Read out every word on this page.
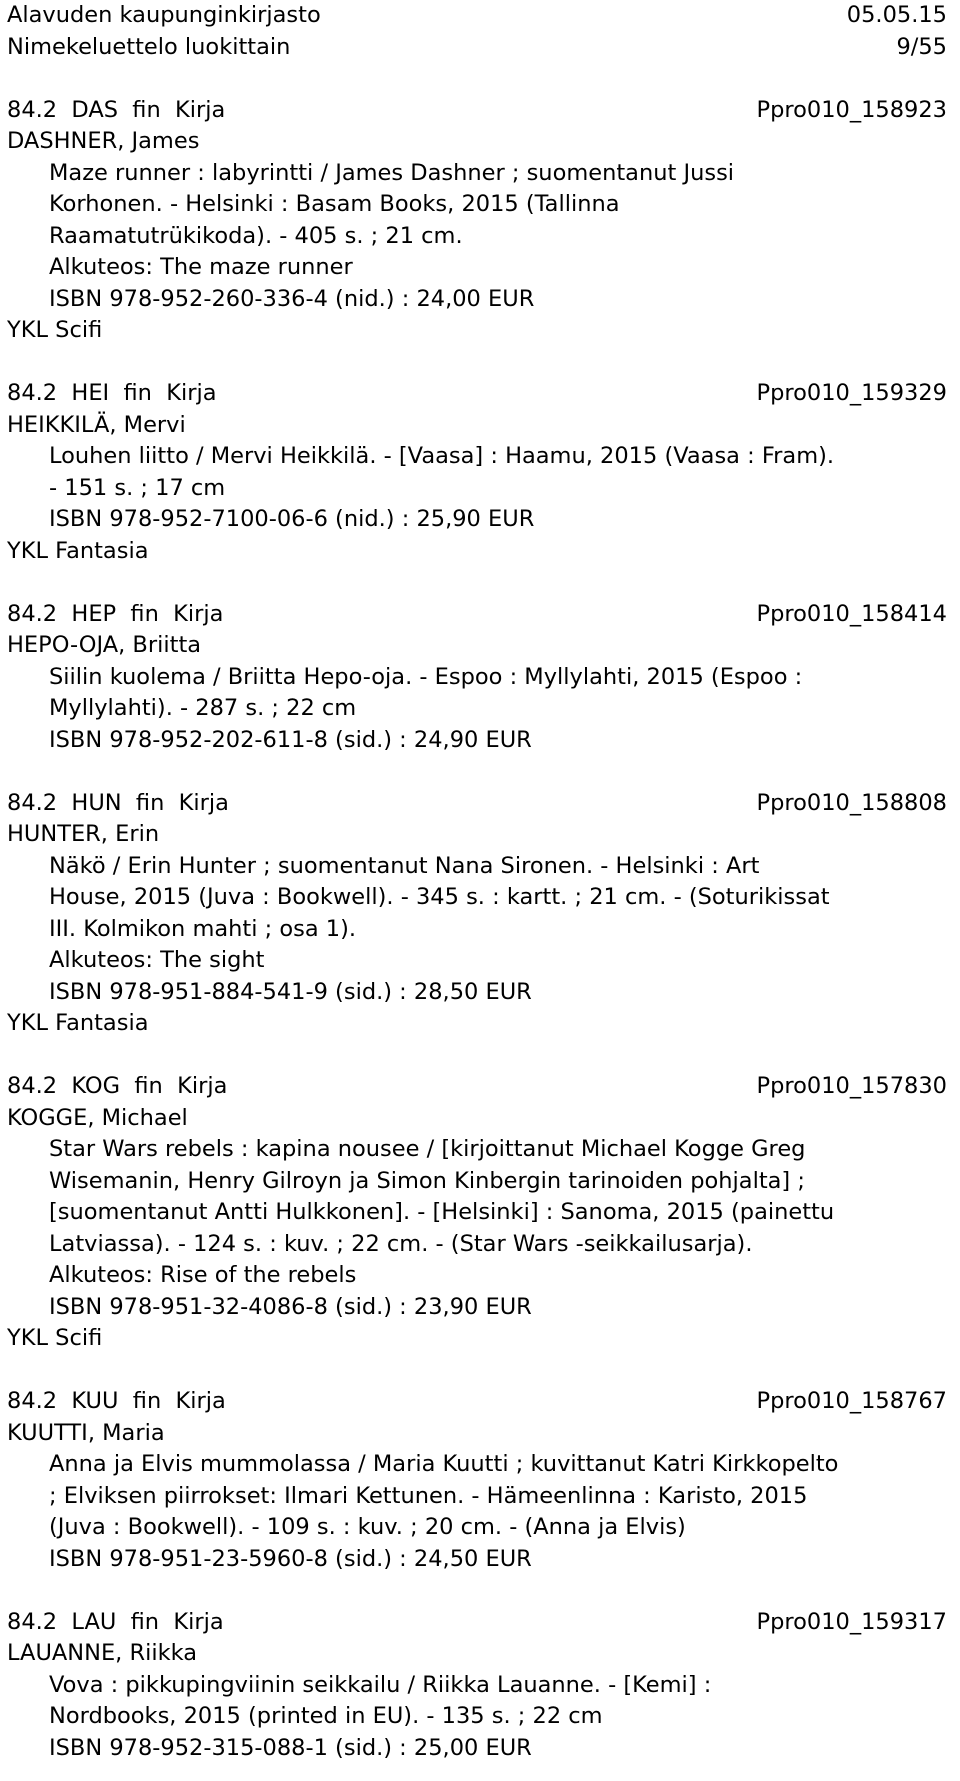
Alavuden kaupunginkirjasto	05.05.15
Nimekeluettelo luokittain	9/55
84.2  DAS  fin  Kirja	Ppro010_158923
DASHNER, James
Maze runner : labyrintti / James Dashner ; suomentanut Jussi
Korhonen. - Helsinki : Basam Books, 2015 (Tallinna
Raamatutrükikoda). - 405 s. ; 21 cm.
Alkuteos: The maze runner
ISBN 978-952-260-336-4 (nid.) : 24,00 EUR
YKL Scifi
84.2  HEI  fin  Kirja	Ppro010_159329
HEIKKILÄ, Mervi
Louhen liitto / Mervi Heikkilä. - [Vaasa] : Haamu, 2015 (Vaasa : Fram).
- 151 s. ; 17 cm
ISBN 978-952-7100-06-6 (nid.) : 25,90 EUR
YKL Fantasia
84.2  HEP  fin  Kirja	Ppro010_158414
HEPO-OJA, Briitta
Siilin kuolema / Briitta Hepo-oja. - Espoo : Myllylahti, 2015 (Espoo :
Myllylahti). - 287 s. ; 22 cm
ISBN 978-952-202-611-8 (sid.) : 24,90 EUR
84.2  HUN  fin  Kirja	Ppro010_158808
HUNTER, Erin
Näkö / Erin Hunter ; suomentanut Nana Sironen. - Helsinki : Art
House, 2015 (Juva : Bookwell). - 345 s. : kartt. ; 21 cm. - (Soturikissat
III. Kolmikon mahti ; osa 1).
Alkuteos: The sight
ISBN 978-951-884-541-9 (sid.) : 28,50 EUR
YKL Fantasia
84.2  KOG  fin  Kirja	Ppro010_157830
KOGGE, Michael
Star Wars rebels : kapina nousee / [kirjoittanut Michael Kogge Greg
Wisemanin, Henry Gilroyn ja Simon Kinbergin tarinoiden pohjalta] ;
[suomentanut Antti Hulkkonen]. - [Helsinki] : Sanoma, 2015 (painettu
Latviassa). - 124 s. : kuv. ; 22 cm. - (Star Wars -seikkailusarja).
Alkuteos: Rise of the rebels
ISBN 978-951-32-4086-8 (sid.) : 23,90 EUR
YKL Scifi
84.2  KUU  fin  Kirja	Ppro010_158767
KUUTTI, Maria
Anna ja Elvis mummolassa / Maria Kuutti ; kuvittanut Katri Kirkkopelto
; Elviksen piirrokset: Ilmari Kettunen. - Hämeenlinna : Karisto, 2015
(Juva : Bookwell). - 109 s. : kuv. ; 20 cm. - (Anna ja Elvis)
ISBN 978-951-23-5960-8 (sid.) : 24,50 EUR
84.2  LAU  fin  Kirja	Ppro010_159317
LAUANNE, Riikka
Vova : pikkupingviinin seikkailu / Riikka Lauanne. - [Kemi] :
Nordbooks, 2015 (printed in EU). - 135 s. ; 22 cm
ISBN 978-952-315-088-1 (sid.) : 25,00 EUR
